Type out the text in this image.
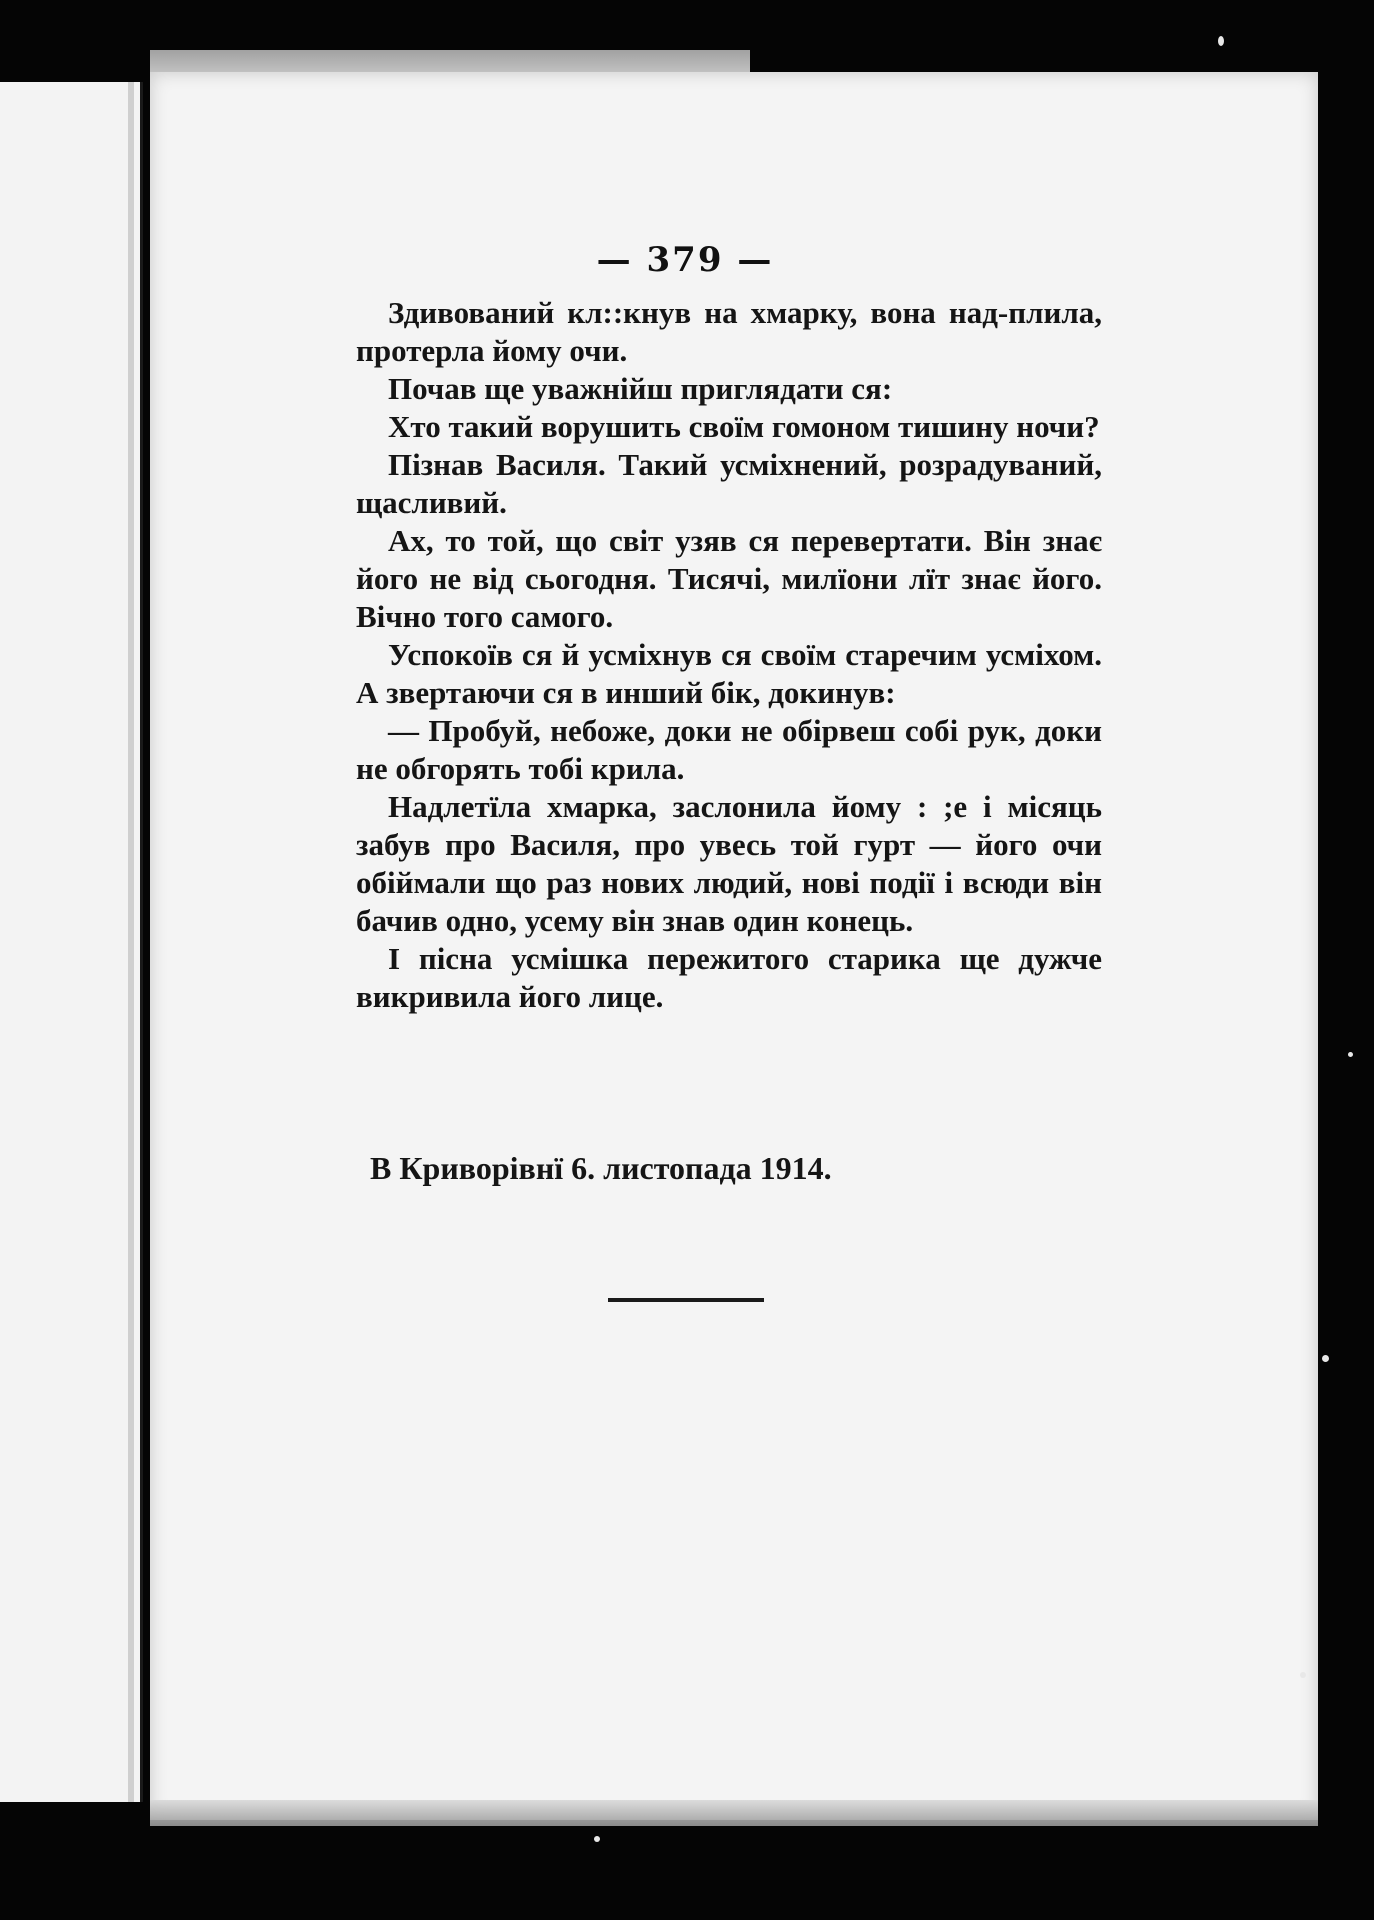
— 379 —

Здивований кл::кнув на хмарку, вона над-плила, протерла йому очи.

Почав ще уважнійш приглядати ся:

Хто такий ворушить своїм гомоном тишину ночи?

Пізнав Василя. Такий усміхнений, розрадуваний, щасливий.

Ах, то той, що світ узяв ся перевертати. Він знає його не від сьогодня. Тисячі, милїони лїт знає його. Вічно того самого.

Успокоїв ся й усміхнув ся своїм старечим усміхом. А звертаючи ся в инший бік, докинув:

— Пробуй, небоже, доки не обірвеш собі рук, доки не обгорять тобі крила.

Надлетїла хмарка, заслонила йому : ;е і місяць забув про Василя, про увесь той гурт — його очи обіймали що раз нових людий, нові події і всюди він бачив одно, усему він знав один конець.

І пісна усмішка пережитого старика ще дужче викривила його лице.

В Криворівнї 6. листопада 1914.
